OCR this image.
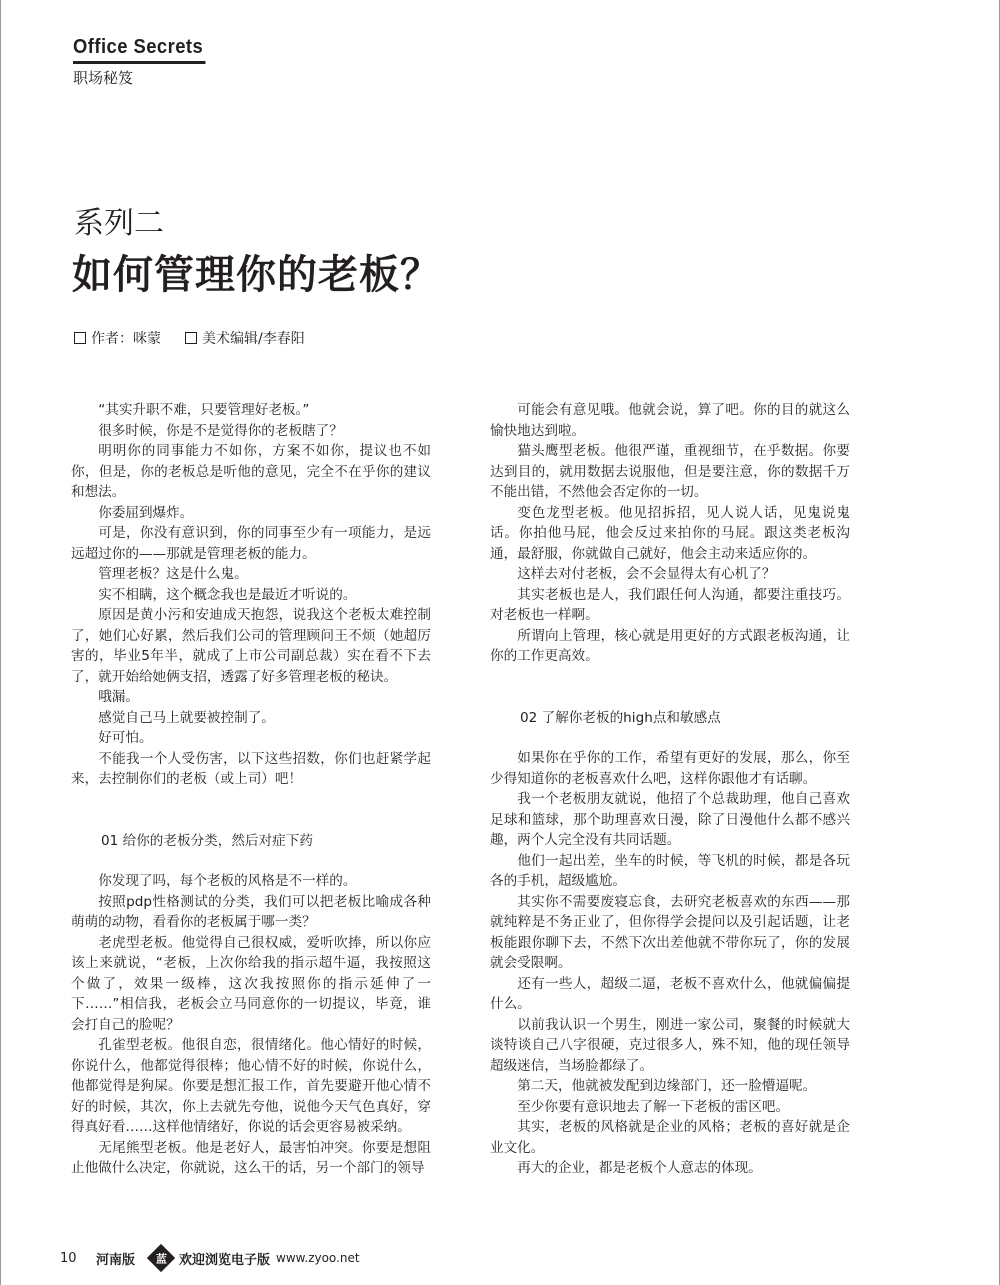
Office Secrets
职场秘笈
系列二
如何管理你的老板？
作者：咪蒙	美术编辑/李春阳

“其实升职不难，只要管理好老板。”

很多时候，你是不是觉得你的老板瞎了？

明明你的同事能力不如你，方案不如你，提议也不如你，但是，你的老板总是听他的意见，完全不在乎你的建议和想法。

你委屈到爆炸。

可是，你没有意识到，你的同事至少有一项能力，是远远超过你的——那就是管理老板的能力。

管理老板？这是什么鬼。

实不相瞒，这个概念我也是最近才听说的。

原因是黄小污和安迪成天抱怨，说我这个老板太难控制了，她们心好累，然后我们公司的管理顾问王不烦（她超厉害的，毕业5年半，就成了上市公司副总裁）实在看不下去了，就开始给她俩支招，透露了好多管理老板的秘诀。

哦漏。

感觉自己马上就要被控制了。

好可怕。

不能我一个人受伤害，以下这些招数，你们也赶紧学起来，去控制你们的老板（或上司）吧！

01 给你的老板分类，然后对症下药

你发现了吗，每个老板的风格是不一样的。

按照pdp性格测试的分类，我们可以把老板比喻成各种萌萌的动物，看看你的老板属于哪一类？

老虎型老板。他觉得自己很权威，爱听吹捧，所以你应该上来就说，“老板，上次你给我的指示超牛逼，我按照这个做了，效果一级棒，这次我按照你的指示延伸了一下……”相信我，老板会立马同意你的一切提议，毕竟，谁会打自己的脸呢？

孔雀型老板。他很自恋，很情绪化。他心情好的时候，你说什么，他都觉得很棒；他心情不好的时候，你说什么，他都觉得是狗屎。你要是想汇报工作，首先要避开他心情不好的时候，其次，你上去就先夸他，说他今天气色真好，穿得真好看……这样他情绪好，你说的话会更容易被采纳。

无尾熊型老板。他是老好人，最害怕冲突。你要是想阻止他做什么决定，你就说，这么干的话，另一个部门的领导

可能会有意见哦。他就会说，算了吧。你的目的就这么愉快地达到啦。

猫头鹰型老板。他很严谨，重视细节，在乎数据。你要达到目的，就用数据去说服他，但是要注意，你的数据千万不能出错，不然他会否定你的一切。

变色龙型老板。他见招拆招，见人说人话，见鬼说鬼话。你拍他马屁，他会反过来拍你的马屁。跟这类老板沟通，最舒服，你就做自己就好，他会主动来适应你的。

这样去对付老板，会不会显得太有心机了？

其实老板也是人，我们跟任何人沟通，都要注重技巧。对老板也一样啊。

所谓向上管理，核心就是用更好的方式跟老板沟通，让你的工作更高效。

02 了解你老板的high点和敏感点

如果你在乎你的工作，希望有更好的发展，那么，你至少得知道你的老板喜欢什么吧，这样你跟他才有话聊。

我一个老板朋友就说，他招了个总裁助理，他自己喜欢足球和篮球，那个助理喜欢日漫，除了日漫他什么都不感兴趣，两个人完全没有共同话题。

他们一起出差，坐车的时候，等飞机的时候，都是各玩各的手机，超级尴尬。

其实你不需要废寝忘食，去研究老板喜欢的东西——那就纯粹是不务正业了，但你得学会提问以及引起话题，让老板能跟你聊下去，不然下次出差他就不带你玩了，你的发展就会受限啊。

还有一些人，超级二逼，老板不喜欢什么，他就偏偏提什么。

以前我认识一个男生，刚进一家公司，聚餐的时候就大谈特谈自己八字很硬，克过很多人，殊不知，他的现任领导超级迷信，当场脸都绿了。

第二天，他就被发配到边缘部门，还一脸懵逼呢。

至少你要有意识地去了解一下老板的雷区吧。

其实，老板的风格就是企业的风格；老板的喜好就是企业文化。

再大的企业，都是老板个人意志的体现。

10	河南版 蓝 欢迎浏览电子版 www.zyoo.net
